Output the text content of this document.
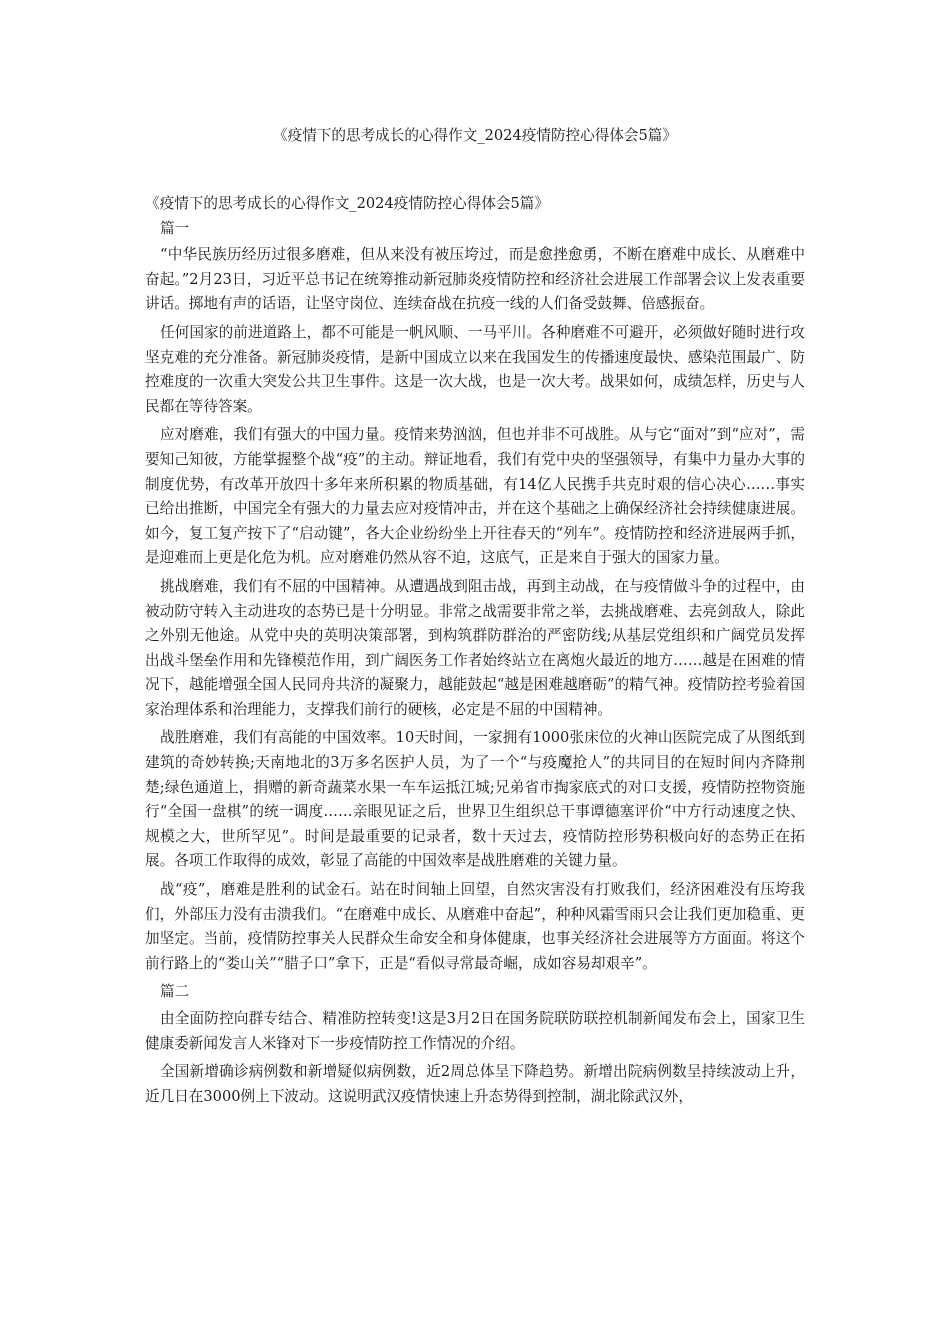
《疫情下的思考成长的心得作文_2024疫情防控心得体会5篇》

《疫情下的思考成长的心得作文_2024疫情防控心得体会5篇》

篇一

“中华民族历经历过很多磨难，但从来没有被压垮过，而是愈挫愈勇，不断在磨难中成长、从磨难中奋起。”2月23日，习近平总书记在统筹推动新冠肺炎疫情防控和经济社会进展工作部署会议上发表重要讲话。掷地有声的话语，让坚守岗位、连续奋战在抗疫一线的人们备受鼓舞、倍感振奋。

任何国家的前进道路上，都不可能是一帆风顺、一马平川。各种磨难不可避开，必须做好随时进行攻坚克难的充分准备。新冠肺炎疫情，是新中国成立以来在我国发生的传播速度最快、感染范围最广、防控难度的一次重大突发公共卫生事件。这是一次大战，也是一次大考。战果如何，成绩怎样，历史与人民都在等待答案。

应对磨难，我们有强大的中国力量。疫情来势汹汹，但也并非不可战胜。从与它“面对”到“应对”，需要知己知彼，方能掌握整个战“疫”的主动。辩证地看，我们有党中央的坚强领导，有集中力量办大事的制度优势，有改革开放四十多年来所积累的物质基础，有14亿人民携手共克时艰的信心决心……事实已给出推断，中国完全有强大的力量去应对疫情冲击，并在这个基础之上确保经济社会持续健康进展。如今，复工复产按下了“启动键”，各大企业纷纷坐上开往春天的“列车”。疫情防控和经济进展两手抓，是迎难而上更是化危为机。应对磨难仍然从容不迫，这底气，正是来自于强大的国家力量。

挑战磨难，我们有不屈的中国精神。从遭遇战到阻击战，再到主动战，在与疫情做斗争的过程中，由被动防守转入主动进攻的态势已是十分明显。非常之战需要非常之举，去挑战磨难、去亮剑敌人，除此之外别无他途。从党中央的英明决策部署，到构筑群防群治的严密防线;从基层党组织和广阔党员发挥出战斗堡垒作用和先锋模范作用，到广阔医务工作者始终站立在离炮火最近的地方……越是在困难的情况下，越能增强全国人民同舟共济的凝聚力，越能鼓起“越是困难越磨砺”的精气神。疫情防控考验着国家治理体系和治理能力，支撑我们前行的硬核，必定是不屈的中国精神。

战胜磨难，我们有高能的中国效率。10天时间，一家拥有1000张床位的火神山医院完成了从图纸到建筑的奇妙转换;天南地北的3万多名医护人员，为了一个“与疫魔抢人”的共同目的在短时间内齐降荆楚;绿色通道上，捐赠的新奇蔬菜水果一车车运抵江城;兄弟省市掏家底式的对口支援，疫情防控物资施行“全国一盘棋”的统一调度……亲眼见证之后，世界卫生组织总干事谭德塞评价“中方行动速度之快、规模之大，世所罕见”。时间是最重要的记录者，数十天过去，疫情防控形势积极向好的态势正在拓展。各项工作取得的成效，彰显了高能的中国效率是战胜磨难的关键力量。

战“疫”，磨难是胜利的试金石。站在时间轴上回望，自然灾害没有打败我们，经济困难没有压垮我们，外部压力没有击溃我们。“在磨难中成长、从磨难中奋起”，种种风霜雪雨只会让我们更加稳重、更加坚定。当前，疫情防控事关人民群众生命安全和身体健康，也事关经济社会进展等方方面面。将这个前行路上的“娄山关”“腊子口”拿下，正是“看似寻常最奇崛，成如容易却艰辛”。

篇二

由全面防控向群专结合、精准防控转变!这是3月2日在国务院联防联控机制新闻发布会上，国家卫生健康委新闻发言人米锋对下一步疫情防控工作情况的介绍。

全国新增确诊病例数和新增疑似病例数，近2周总体呈下降趋势。新增出院病例数呈持续波动上升，近几日在3000例上下波动。这说明武汉疫情快速上升态势得到控制，湖北除武汉外，
